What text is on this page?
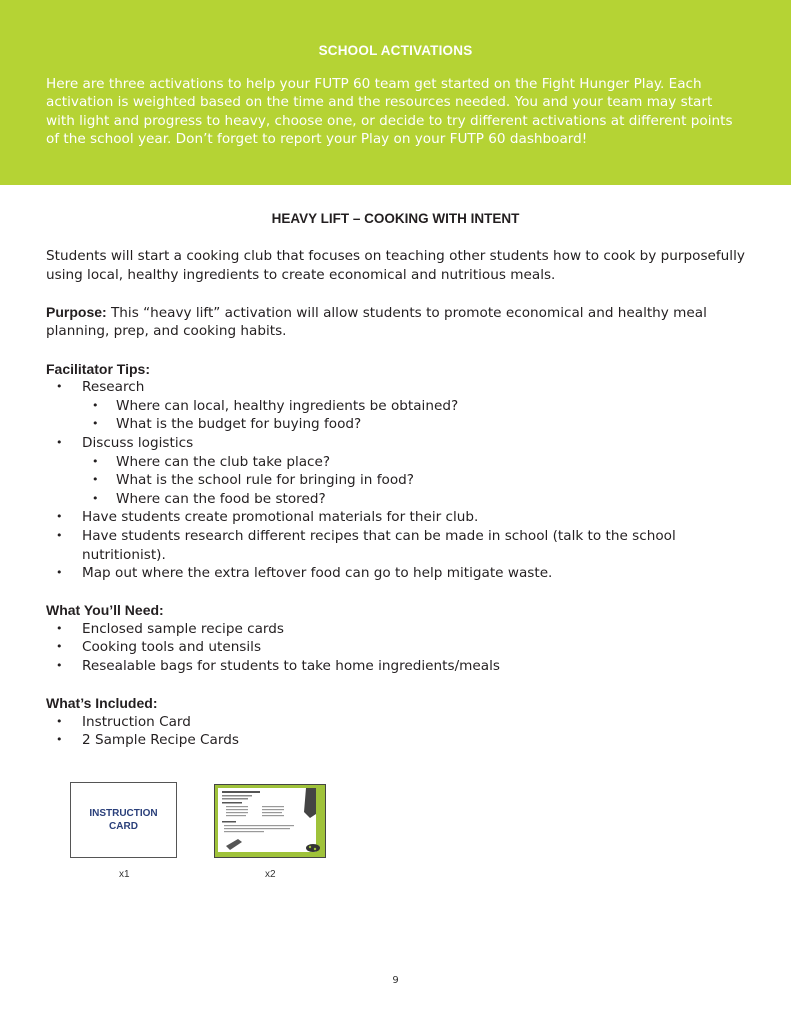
SCHOOL ACTIVATIONS

Here are three activations to help your FUTP 60 team get started on the Fight Hunger Play. Each activation is weighted based on the time and the resources needed. You and your team may start with light and progress to heavy, choose one, or decide to try different activations at different points of the school year. Don’t forget to report your Play on your FUTP 60 dashboard!

HEAVY LIFT – COOKING WITH INTENT

Students will start a cooking club that focuses on teaching other students how to cook by purposefully using local, healthy ingredients to create economical and nutritious meals.

Purpose: This “heavy lift” activation will allow students to promote economical and healthy meal planning, prep, and cooking habits.

Facilitator Tips:

• Research
• Where can local, healthy ingredients be obtained?
• What is the budget for buying food?
• Discuss logistics
• Where can the club take place?
• What is the school rule for bringing in food?
• Where can the food be stored?
• Have students create promotional materials for their club.
• Have students research different recipes that can be made in school (talk to the school nutritionist).
• Map out where the extra leftover food can go to help mitigate waste.

What You’ll Need:

• Enclosed sample recipe cards
• Cooking tools and utensils
• Resealable bags for students to take home ingredients/meals

What’s Included:

• Instruction Card
• 2 Sample Recipe Cards
INSTRUCTION
CARD
x1	x2
9
